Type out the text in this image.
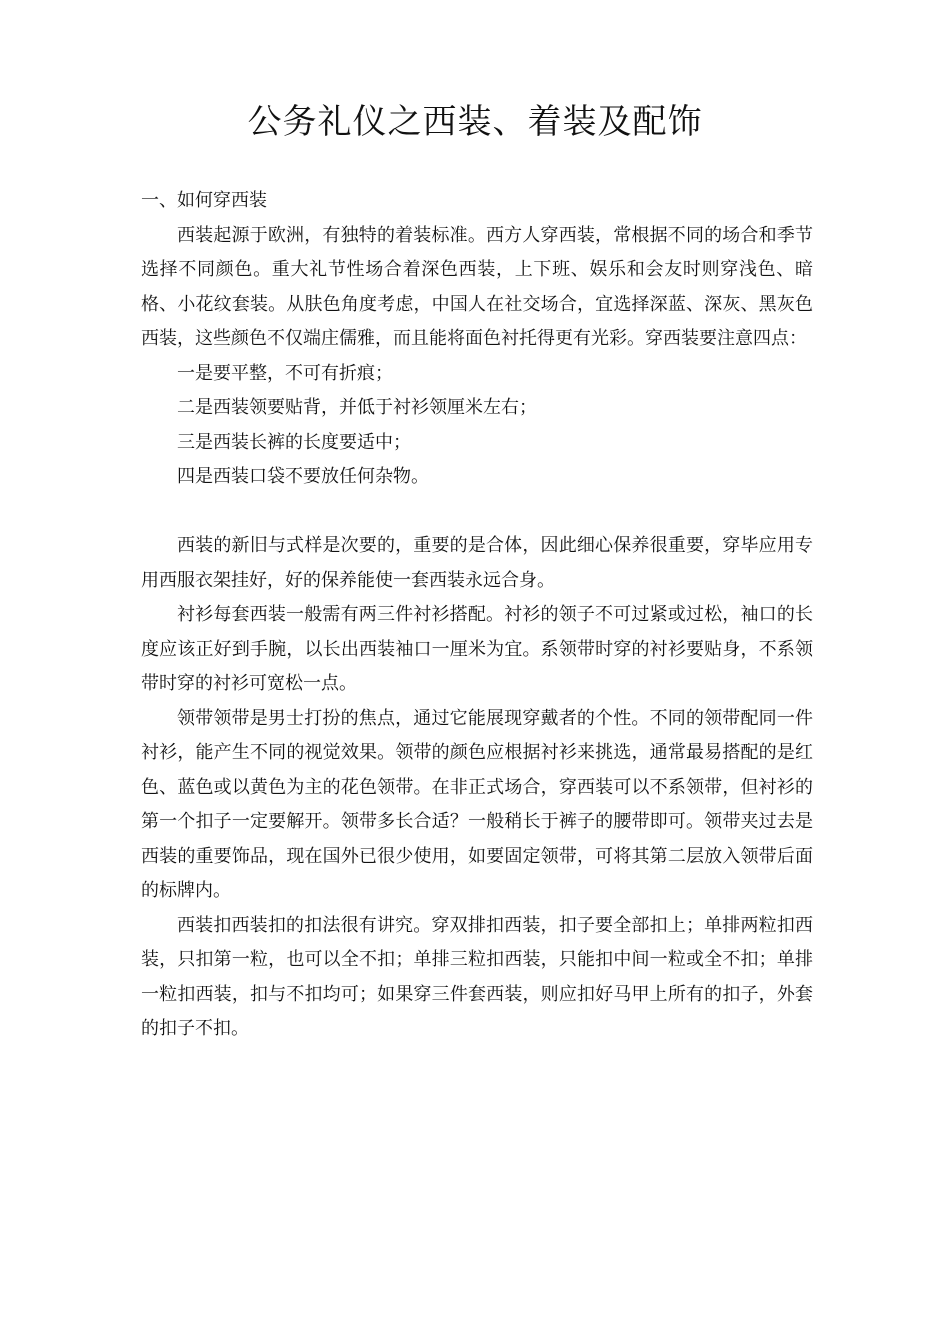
公务礼仪之西装、着装及配饰

一、如何穿西装

西装起源于欧洲，有独特的着装标准。西方人穿西装，常根据不同的场合和季节选择不同颜色。重大礼节性场合着深色西装，上下班、娱乐和会友时则穿浅色、暗格、小花纹套装。从肤色角度考虑，中国人在社交场合，宜选择深蓝、深灰、黑灰色西装，这些颜色不仅端庄儒雅，而且能将面色衬托得更有光彩。穿西装要注意四点：

一是要平整，不可有折痕；

二是西装领要贴背，并低于衬衫领厘米左右；

三是西装长裤的长度要适中；

四是西装口袋不要放任何杂物。

西装的新旧与式样是次要的，重要的是合体，因此细心保养很重要，穿毕应用专用西服衣架挂好，好的保养能使一套西装永远合身。

衬衫每套西装一般需有两三件衬衫搭配。衬衫的领子不可过紧或过松，袖口的长度应该正好到手腕，以长出西装袖口一厘米为宜。系领带时穿的衬衫要贴身，不系领带时穿的衬衫可宽松一点。

领带领带是男士打扮的焦点，通过它能展现穿戴者的个性。不同的领带配同一件衬衫，能产生不同的视觉效果。领带的颜色应根据衬衫来挑选，通常最易搭配的是红色、蓝色或以黄色为主的花色领带。在非正式场合，穿西装可以不系领带，但衬衫的第一个扣子一定要解开。领带多长合适？一般稍长于裤子的腰带即可。领带夹过去是西装的重要饰品，现在国外已很少使用，如要固定领带，可将其第二层放入领带后面的标牌内。

西装扣西装扣的扣法很有讲究。穿双排扣西装，扣子要全部扣上；单排两粒扣西装，只扣第一粒，也可以全不扣；单排三粒扣西装，只能扣中间一粒或全不扣；单排一粒扣西装，扣与不扣均可；如果穿三件套西装，则应扣好马甲上所有的扣子，外套的扣子不扣。
